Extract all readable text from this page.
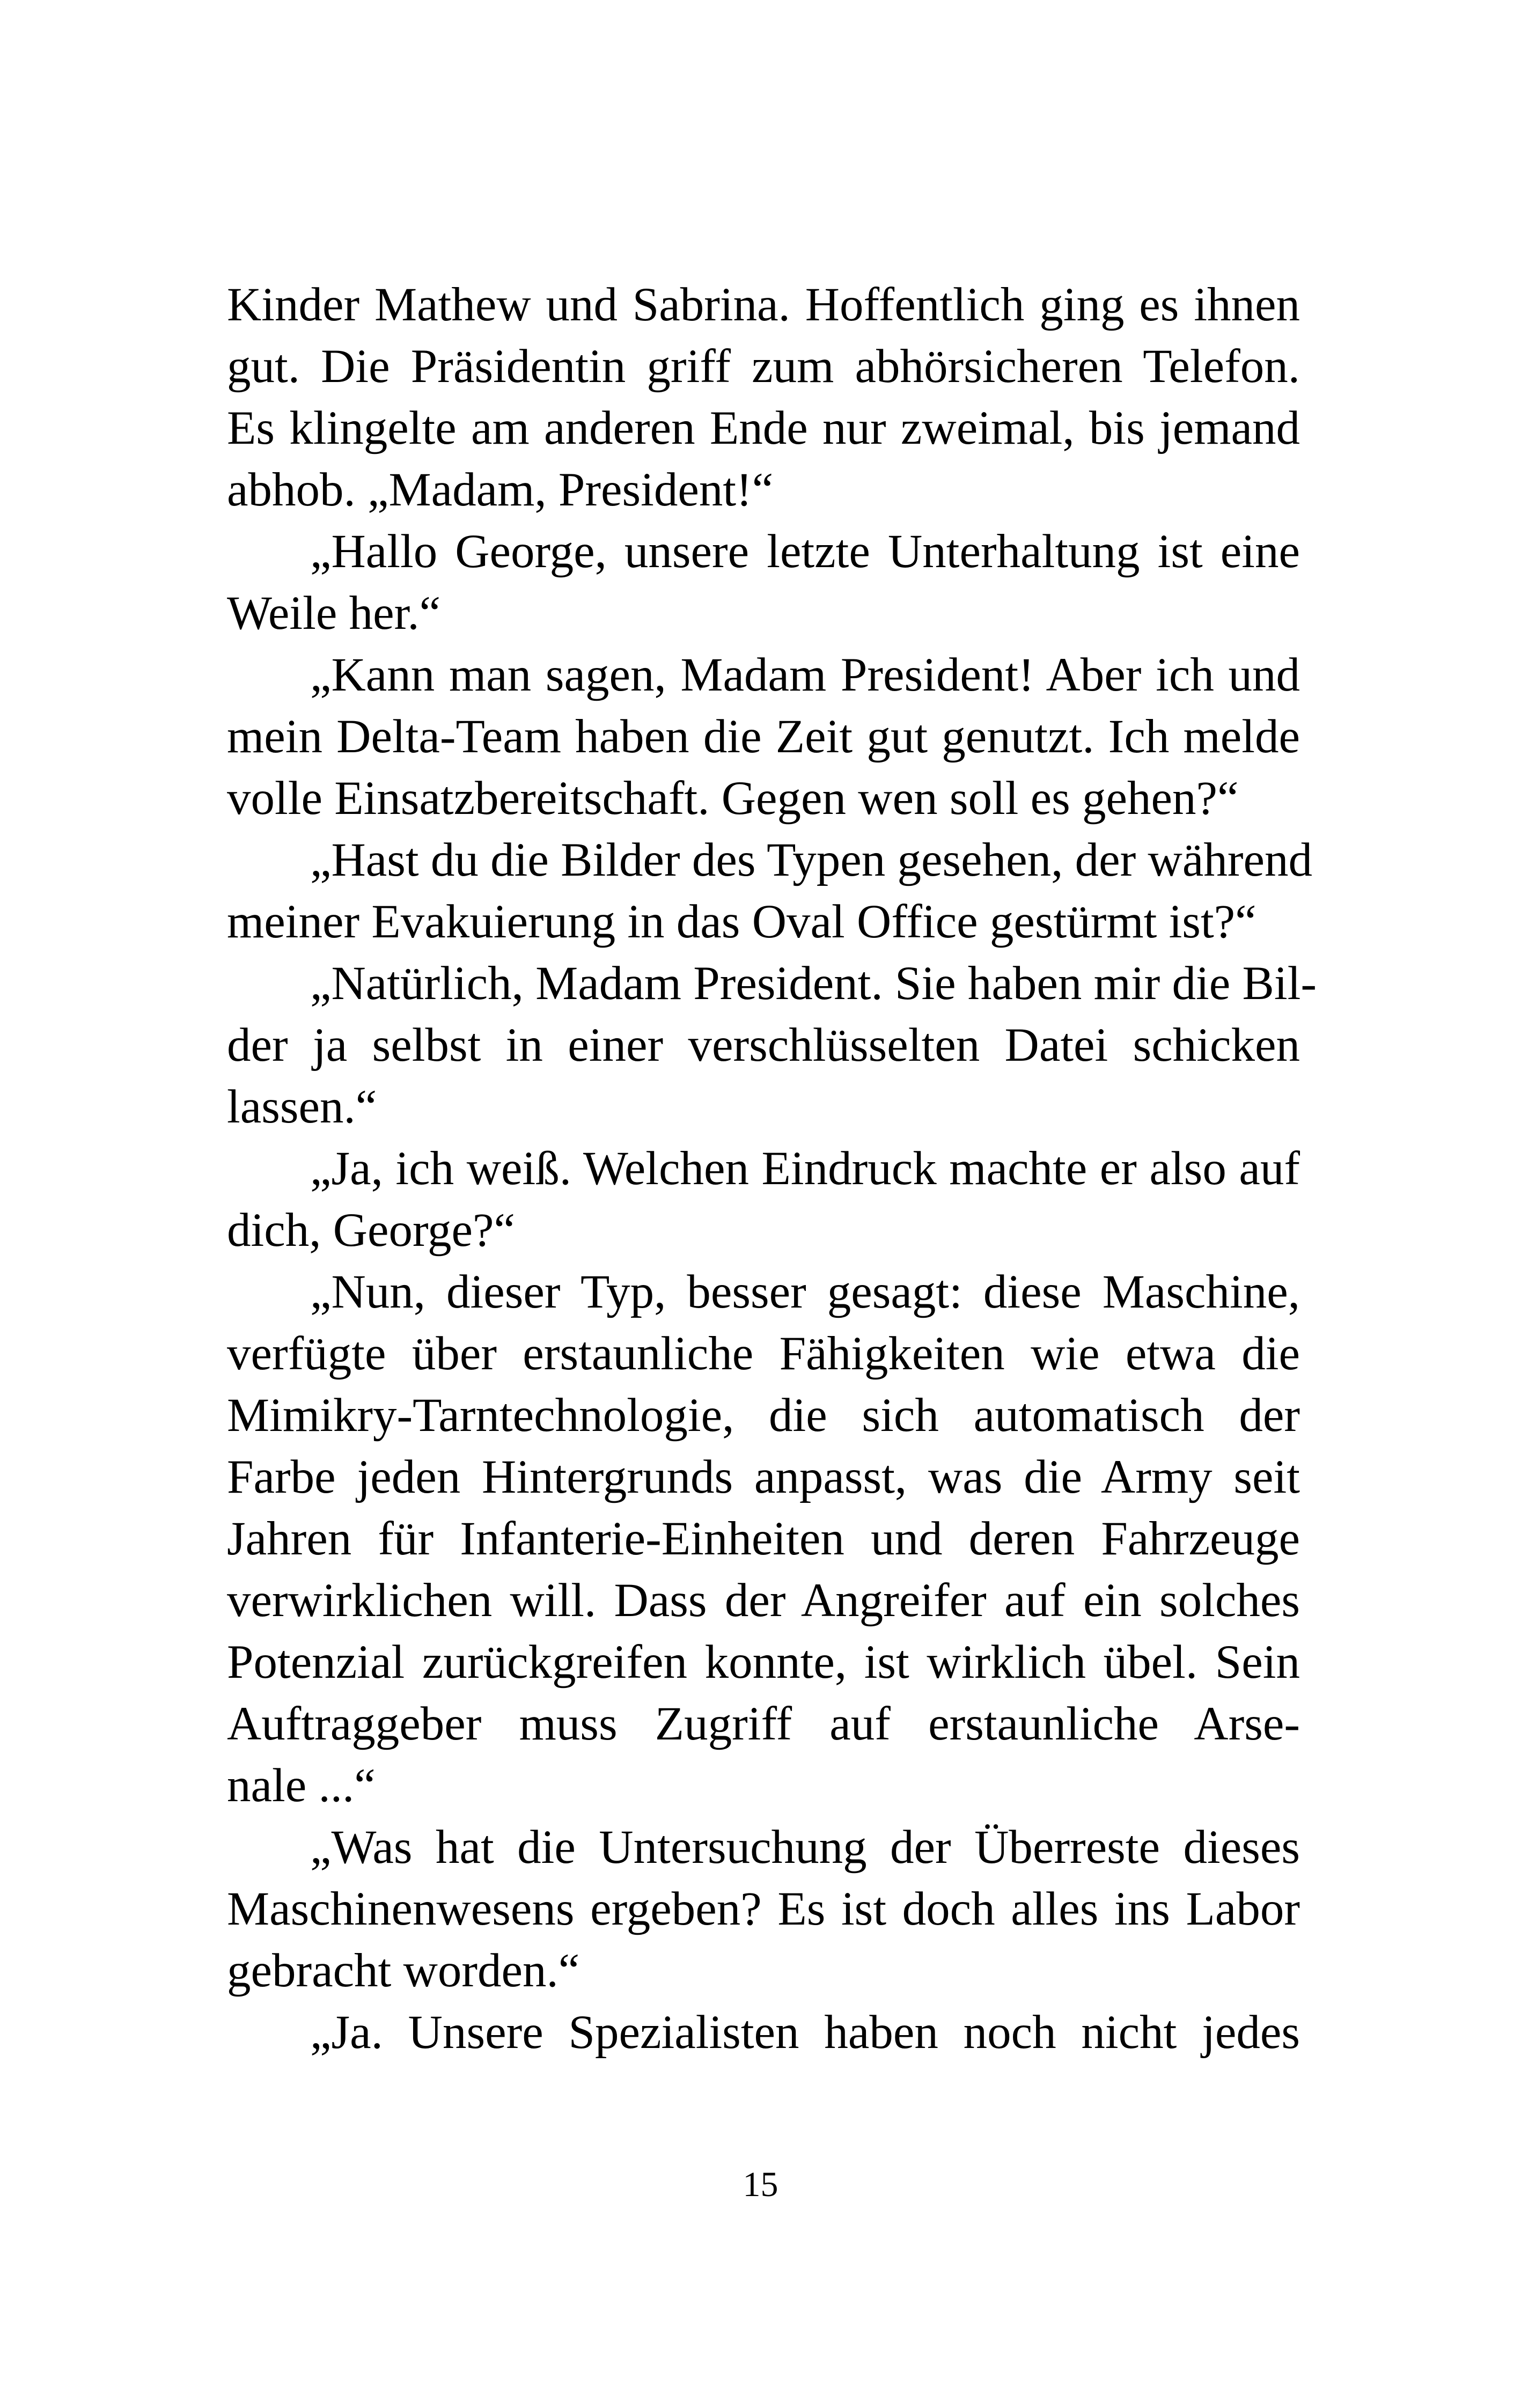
Kinder Mathew und Sabrina. Hoffentlich ging es ihnen
gut. Die Präsidentin griff zum abhörsicheren Telefon.
Es klingelte am anderen Ende nur zweimal, bis jemand
abhob. „Madam, President!“
„Hallo George, unsere letzte Unterhaltung ist eine
Weile her.“
„Kann man sagen, Madam President! Aber ich und
mein Delta-Team haben die Zeit gut genutzt. Ich melde
volle Einsatzbereitschaft. Gegen wen soll es gehen?“
„Hast du die Bilder des Typen gesehen, der während
meiner Evakuierung in das Oval Office gestürmt ist?“
„Natürlich, Madam President. Sie haben mir die Bil-
der ja selbst in einer verschlüsselten Datei schicken
lassen.“
„Ja, ich weiß. Welchen Eindruck machte er also auf
dich, George?“
„Nun, dieser Typ, besser gesagt: diese Maschine,
verfügte über erstaunliche Fähigkeiten wie etwa die
Mimikry-Tarntechnologie, die sich automatisch der
Farbe jeden Hintergrunds anpasst, was die Army seit
Jahren für Infanterie-Einheiten und deren Fahrzeuge
verwirklichen will. Dass der Angreifer auf ein solches
Potenzial zurückgreifen konnte, ist wirklich übel. Sein
Auftraggeber muss Zugriff auf erstaunliche Arse-
nale ...“
„Was hat die Untersuchung der Überreste dieses
Maschinenwesens ergeben? Es ist doch alles ins Labor
gebracht worden.“
„Ja. Unsere Spezialisten haben noch nicht jedes
15
